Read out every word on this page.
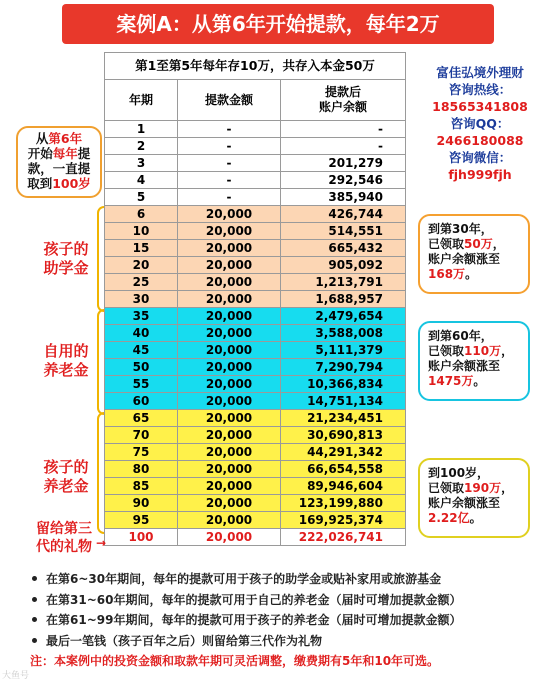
案例A：从第6年开始提款，每年2万
第1至第5年每年存10万，共存入本金50万		
年期	提款金额	提款后
账户余额
1	-	-
2	-	-
3	-	201,279
4	-	292,546
5	-	385,940
6	20,000	426,744
10	20,000	514,551
15	20,000	665,432
20	20,000	905,092
25	20,000	1,213,791
30	20,000	1,688,957
35	20,000	2,479,654
40	20,000	3,588,008
45	20,000	5,111,379
50	20,000	7,290,794
55	20,000	10,366,834
60	20,000	14,751,134
65	20,000	21,234,451
70	20,000	30,690,813
75	20,000	44,291,342
80	20,000	66,654,558
85	20,000	89,946,604
90	20,000	123,199,880
95	20,000	169,925,374
100	20,000	222,026,741
从第6年
开始每年提
款，一直提
取到100岁
孩子的
助学金
自用的
养老金
孩子的
养老金
留给第三
代的礼物 →
富佳弘境外理财
咨询热线：
18565341808
咨询QQ：
2466180088
咨询微信：
fjh999fjh
到第30年，
已领取50万，
账户余额涨至
168万。
到第60年，
已领取110万，
账户余额涨至
1475万。
到100岁，
已领取190万，
账户余额涨至
2.22亿。
在第6~30年期间，每年的提款可用于孩子的助学金或贴补家用或旅游基金
在第31~60年期间，每年的提款可用于自己的养老金（届时可增加提款金额）
在第61~99年期间，每年的提款可用于孩子的养老金（届时可增加提款金额）
最后一笔钱（孩子百年之后）则留给第三代作为礼物
注：本案例中的投资金额和取款年期可灵活调整，缴费期有5年和10年可选。
大鱼号
